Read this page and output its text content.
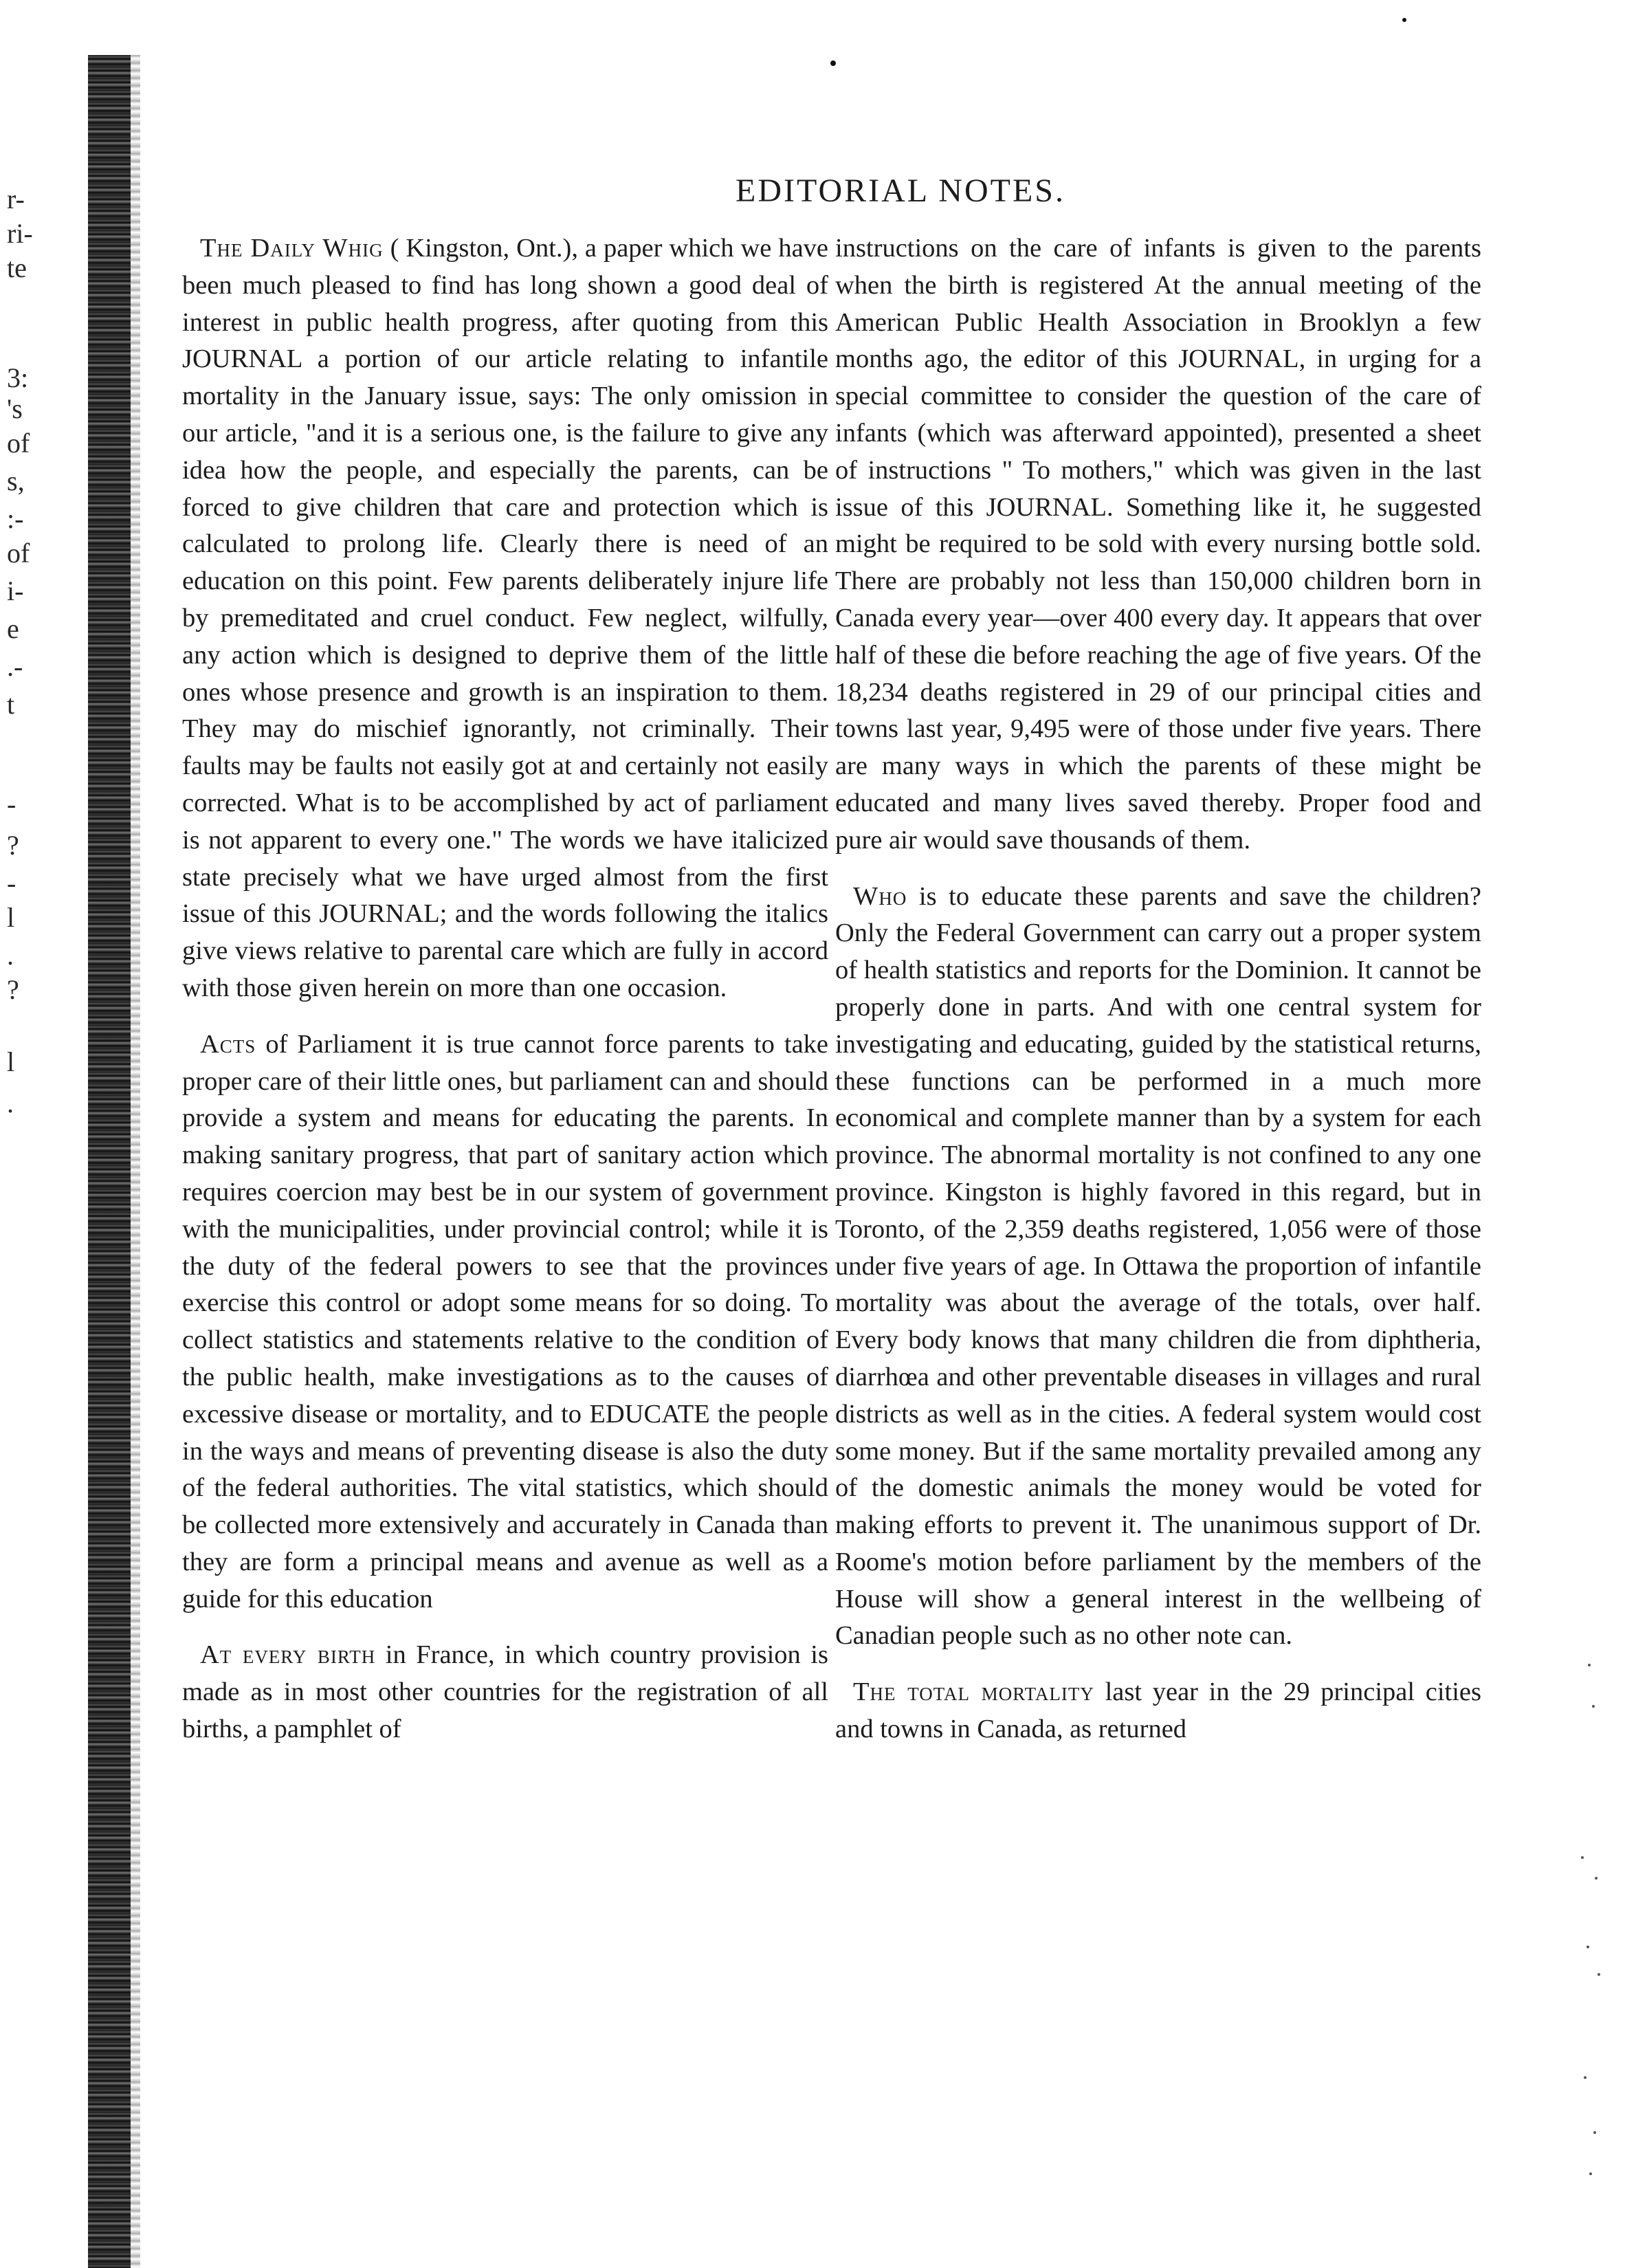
r-
ri-
te
3:
's
of
s,
:-
of
i-
e
.-
t
-
?
-
l
.
?
l
.
EDITORIAL NOTES.

The Daily Whig ( Kingston, Ont.), a paper which we have been much pleased to find has long shown a good deal of interest in public health progress, after quoting from this JOURNAL a portion of our article relating to infantile mortality in the January issue, says: The only omission in our article, "and it is a serious one, is the failure to give any idea how the people, and especially the parents, can be forced to give children that care and protection which is calculated to prolong life. Clearly there is need of an education on this point. Few parents deliberately injure life by premeditated and cruel conduct. Few neglect, wilfully, any action which is designed to deprive them of the little ones whose presence and growth is an inspiration to them. They may do mischief ignorantly, not criminally. Their faults may be faults not easily got at and certainly not easily corrected. What is to be accomplished by act of parliament is not apparent to every one." The words we have italicized state precisely what we have urged almost from the first issue of this JOURNAL; and the words following the italics give views relative to parental care which are fully in accord with those given herein on more than one occasion.

Acts of Parliament it is true cannot force parents to take proper care of their little ones, but parliament can and should provide a system and means for educating the parents. In making sanitary progress, that part of sanitary action which requires coercion may best be in our system of government with the municipalities, under provincial control; while it is the duty of the federal powers to see that the provinces exercise this control or adopt some means for so doing. To collect statistics and statements relative to the condition of the public health, make investigations as to the causes of excessive disease or mortality, and to EDUCATE the people in the ways and means of preventing disease is also the duty of the federal authorities. The vital statistics, which should be collected more extensively and accurately in Canada than they are form a principal means and avenue as well as a guide for this education

At every birth in France, in which country provision is made as in most other countries for the registration of all births, a pamphlet of

instructions on the care of infants is given to the parents when the birth is registered At the annual meeting of the American Public Health Association in Brooklyn a few months ago, the editor of this JOURNAL, in urging for a special committee to consider the question of the care of infants (which was afterward appointed), presented a sheet of instructions " To mothers," which was given in the last issue of this JOURNAL. Something like it, he suggested might be required to be sold with every nursing bottle sold. There are probably not less than 150,000 children born in Canada every year—over 400 every day. It appears that over half of these die before reaching the age of five years. Of the 18,234 deaths registered in 29 of our principal cities and towns last year, 9,495 were of those under five years. There are many ways in which the parents of these might be educated and many lives saved thereby. Proper food and pure air would save thousands of them.

Who is to educate these parents and save the children? Only the Federal Government can carry out a proper system of health statistics and reports for the Dominion. It cannot be properly done in parts. And with one central system for investigating and educating, guided by the statistical returns, these functions can be performed in a much more economical and complete manner than by a system for each province. The abnormal mortality is not confined to any one province. Kingston is highly favored in this regard, but in Toronto, of the 2,359 deaths registered, 1,056 were of those under five years of age. In Ottawa the proportion of infantile mortality was about the average of the totals, over half. Every body knows that many children die from diphtheria, diarrhœa and other preventable diseases in villages and rural districts as well as in the cities. A federal system would cost some money. But if the same mortality prevailed among any of the domestic animals the money would be voted for making efforts to prevent it. The unanimous support of Dr. Roome's motion before parliament by the members of the House will show a general interest in the wellbeing of Canadian people such as no other note can.

The total mortality last year in the 29 principal cities and towns in Canada, as returned
